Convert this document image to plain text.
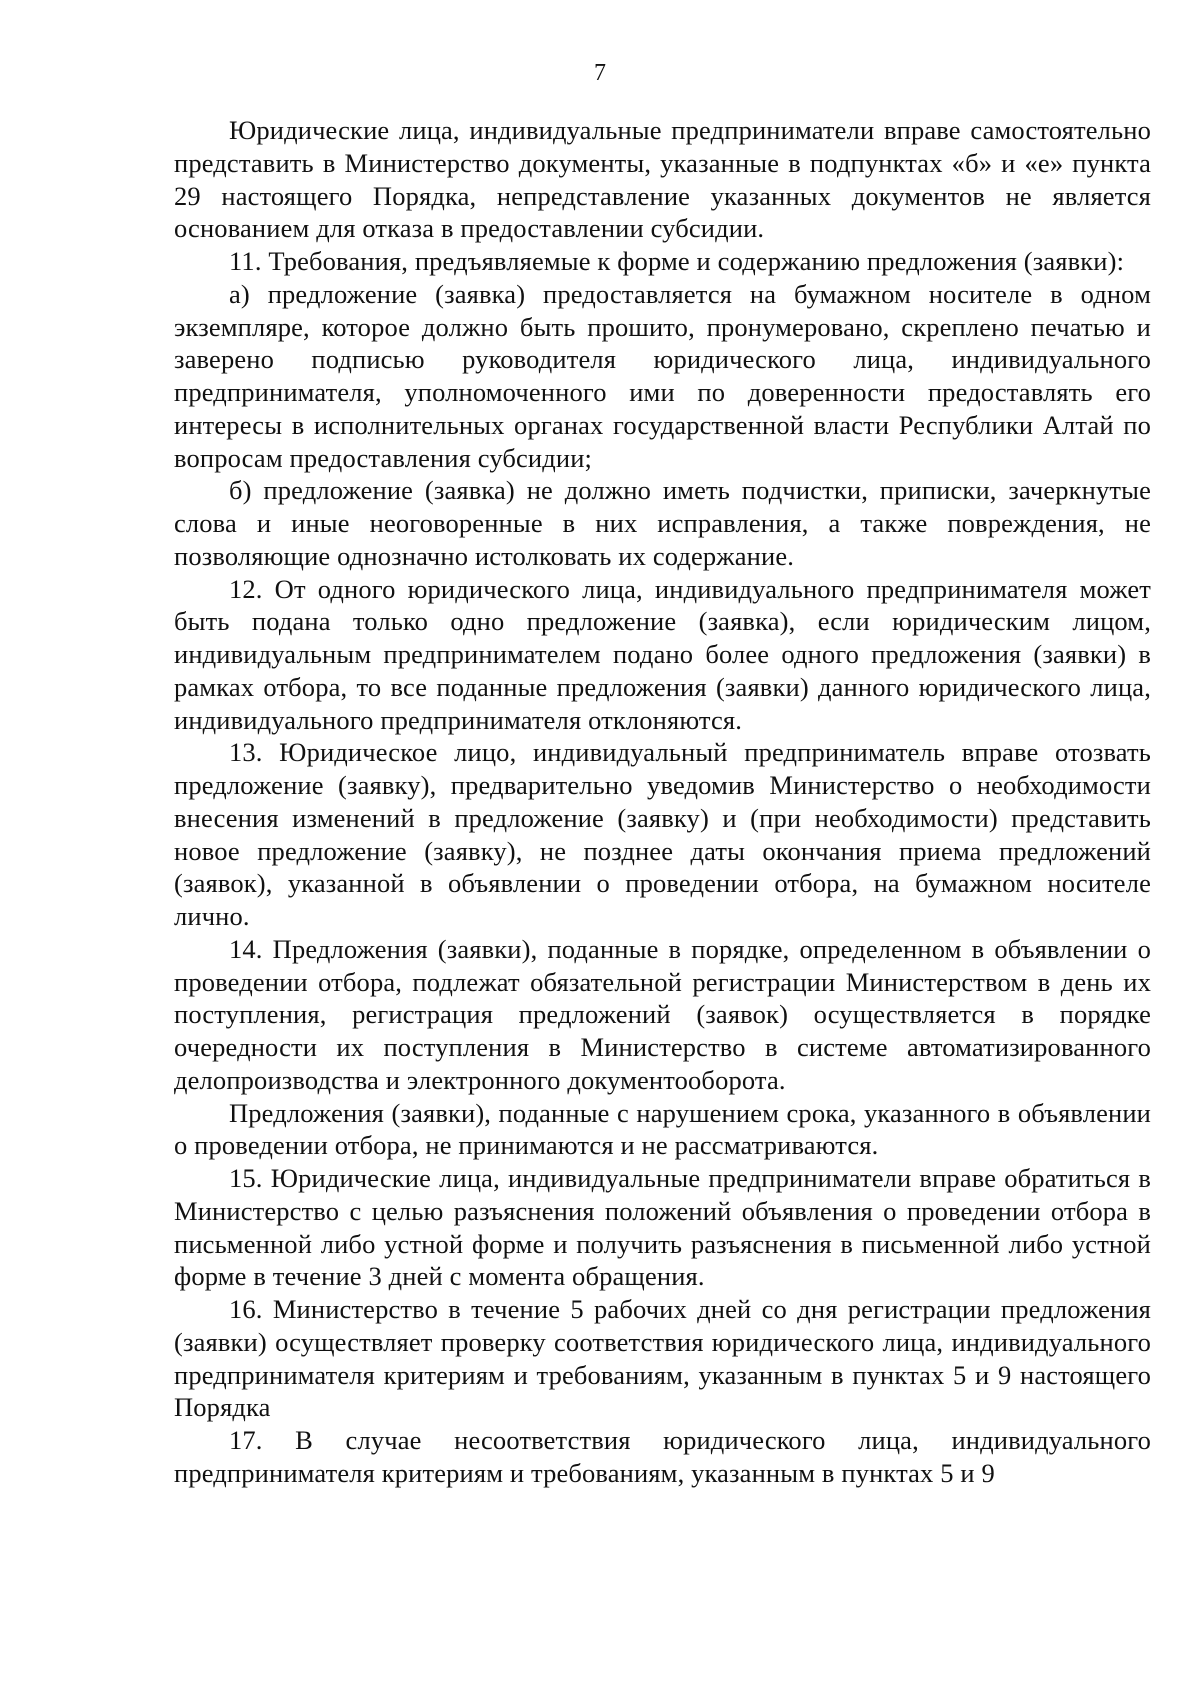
7

Юридические лица, индивидуальные предприниматели вправе самостоятельно представить в Министерство документы, указанные в подпунктах «б» и «е» пункта 29 настоящего Порядка, непредставление указанных документов не является основанием для отказа в предоставлении субсидии.

11. Требования, предъявляемые к форме и содержанию предложения (заявки):

а) предложение (заявка) предоставляется на бумажном носителе в одном экземпляре, которое должно быть прошито, пронумеровано, скреплено печатью и заверено подписью руководителя юридического лица, индивидуального предпринимателя, уполномоченного ими по доверенности предоставлять его интересы в исполнительных органах государственной власти Республики Алтай по вопросам предоставления субсидии;

б) предложение (заявка) не должно иметь подчистки, приписки, зачеркнутые слова и иные неоговоренные в них исправления, а также повреждения, не позволяющие однозначно истолковать их содержание.

12. От одного юридического лица, индивидуального предпринимателя может быть подана только одно предложение (заявка), если юридическим лицом, индивидуальным предпринимателем подано более одного предложения (заявки) в рамках отбора, то все поданные предложения (заявки) данного юридического лица, индивидуального предпринимателя отклоняются.

13. Юридическое лицо, индивидуальный предприниматель вправе отозвать предложение (заявку), предварительно уведомив Министерство о необходимости внесения изменений в предложение (заявку) и (при необходимости) представить новое предложение (заявку), не позднее даты окончания приема предложений (заявок), указанной в объявлении о проведении отбора, на бумажном носителе лично.

14. Предложения (заявки), поданные в порядке, определенном в объявлении о проведении отбора, подлежат обязательной регистрации Министерством в день их поступления, регистрация предложений (заявок) осуществляется в порядке очередности их поступления в Министерство в системе автоматизированного делопроизводства и электронного документооборота.

Предложения (заявки), поданные с нарушением срока, указанного в объявлении о проведении отбора, не принимаются и не рассматриваются.

15. Юридические лица, индивидуальные предприниматели вправе обратиться в Министерство с целью разъяснения положений объявления о проведении отбора в письменной либо устной форме и получить разъяснения в письменной либо устной форме в течение 3 дней с момента обращения.

16. Министерство в течение 5 рабочих дней со дня регистрации предложения (заявки) осуществляет проверку соответствия юридического лица, индивидуального предпринимателя критериям и требованиям, указанным в пунктах 5 и 9 настоящего Порядка

17. В случае несоответствия юридического лица, индивидуального предпринимателя критериям и требованиям, указанным в пунктах 5 и 9
